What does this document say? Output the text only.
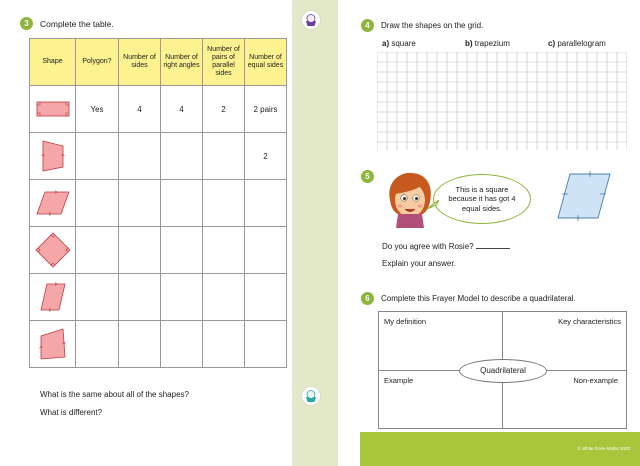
3	Complete the table.
Shape	Polygon?	Number of sides	Number of right angles	Number of pairs of parallel sides	Number of equal sides

	Yes	4	4	2	2 pairs

					2

What is the same about all of the shapes?
What is different?
4	Draw the shapes on the grid.
5
6	Complete this Frayer Model to describe a quadrilateral.
a) square	b) trapezium	c) parallelogram
This is a square because it has got 4 equal sides.
Do you agree with Rosie?
Explain your answer.
My definition	Key characteristics
Example	Non-example
Quadrilateral
© White Rose Maths 2020
